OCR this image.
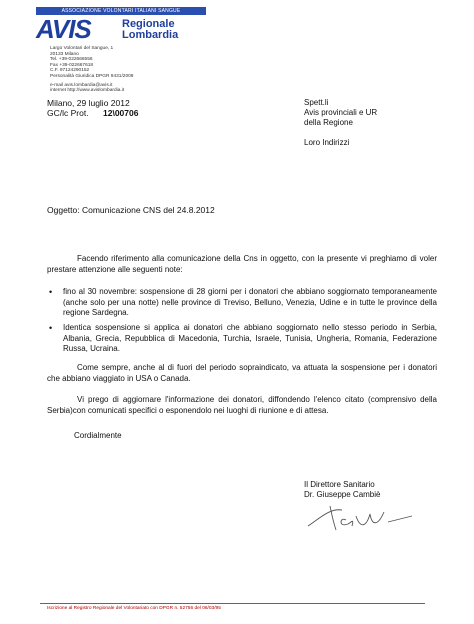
ASSOCIAZIONE VOLONTARI ITALIANI SANGUE
AVIS	Regionale
Lombardia
Largo Volontari del Sangue, 1
20133 Milano
Tel. +39-022666556
Fax +39-022667618
C.F. 97124290152
Personalità Giuridica DPGR 9431/2008
e-mail avis.lombardia@avis.it
internet http://www.avislombardia.it
Milano, 29 luglio 2012
GC/lc Prot. 12\00706
Spett.li
Avis provinciali e UR
della Regione
Loro Indirizzi
Oggetto: Comunicazione CNS del 24.8.2012
Facendo riferimento alla comunicazione della Cns in oggetto, con la presente vi preghiamo di voler prestare attenzione alle seguenti note:
• fino al 30 novembre: sospensione di 28 giorni per i donatori che abbiano soggiornato temporaneamente (anche solo per una notte) nelle province di Treviso, Belluno, Venezia, Udine e in tutte le province della regione Sardegna.
• Identica sospensione si applica ai donatori che abbiano soggiornato nello stesso periodo in Serbia, Albania, Grecia, Repubblica di Macedonia, Turchia, Israele, Tunisia, Ungheria, Romania, Federazione Russa, Ucraina.
Come sempre, anche al di fuori del periodo sopraindicato, va attuata la sospensione per i donatori che abbiano viaggiato in USA o Canada.
Vi prego di aggiornare l'informazione dei donatori, diffondendo l'elenco citato (comprensivo della Serbia)con comunicati specifici o esponendolo nei luoghi di riunione e di attesa.
Cordialmente
Il Direttore Sanitario
Dr. Giuseppe Cambiè
Iscrizione al Registro Regionale del Volontariato con DPGR n. 52756 del 06/03/95
